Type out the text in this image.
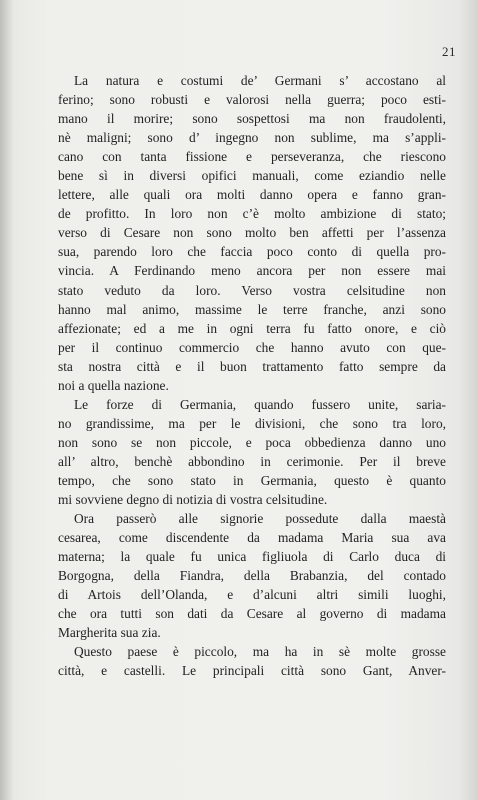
21
La natura e costumi de’ Germani s’ accostano al
ferino; sono robusti e valorosi nella guerra; poco esti-
mano il morire; sono sospettosi ma non fraudolenti,
nè maligni; sono d’ ingegno non sublime, ma s’appli-
cano con tanta fissione e perseveranza, che riescono
bene sì in diversi opifici manuali, come eziandio nelle
lettere, alle quali ora molti danno opera e fanno gran-
de profitto. In loro non c’è molto ambizione di stato;
verso di Cesare non sono molto ben affetti per l’assenza
sua, parendo loro che faccia poco conto di quella pro-
vincia. A Ferdinando meno ancora per non essere mai
stato veduto da loro. Verso vostra celsitudine non
hanno mal animo, massime le terre franche, anzi sono
affezionate; ed a me in ogni terra fu fatto onore, e ciò
per il continuo commercio che hanno avuto con que-
sta nostra città e il buon trattamento fatto sempre da
noi a quella nazione.
Le forze di Germania, quando fussero unite, saria-
no grandissime, ma per le divisioni, che sono tra loro,
non sono se non piccole, e poca obbedienza danno uno
all’ altro, benchè abbondino in cerimonie. Per il breve
tempo, che sono stato in Germania, questo è quanto
mi sovviene degno di notizia di vostra celsitudine.
Ora passerò alle signorie possedute dalla maestà
cesarea, come discendente da madama Maria sua ava
materna; la quale fu unica figliuola di Carlo duca di
Borgogna, della Fiandra, della Brabanzia, del contado
di Artois dell’Olanda, e d’alcuni altri simili luoghi,
che ora tutti son dati da Cesare al governo di madama
Margherita sua zia.
Questo paese è piccolo, ma ha in sè molte grosse
città, e castelli. Le principali città sono Gant, Anver-
